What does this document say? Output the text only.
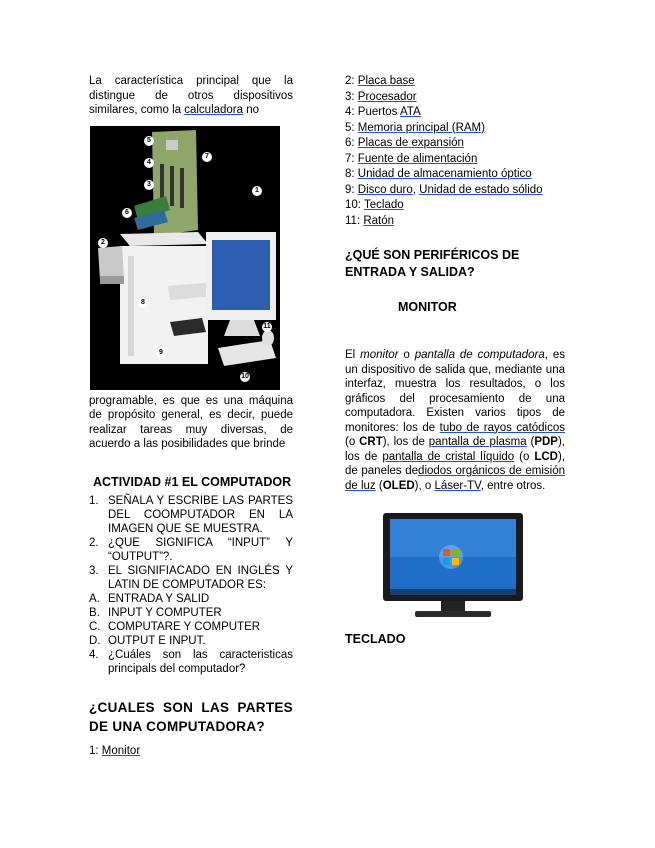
La característica principal que la distingue de otros dispositivos similares, como la calculadora no

1
2
3
4
5
6
7
8
9
10
11

programable, es que es una máquina de propósito general, es decir, puede realizar tareas muy diversas, de acuerdo a las posibilidades que brinde

ACTIVIDAD #1 EL COMPUTADOR
1. SEÑALA Y ESCRIBE LAS PARTES DEL COOMPUTADOR EN LA IMAGEN QUE SE MUESTRA.
2. ¿QUE SIGNIFICA “INPUT” Y “OUTPUT”?.
3. EL SIGNIFIACADO EN INGLÉS Y LATIN DE COMPUTADOR ES:
A. ENTRADA Y SALID
B. INPUT Y COMPUTER
C. COMPUTARE Y COMPUTER
D. OUTPUT E INPUT.
4. ¿Cuáles son las caracteristicas principals del computador?
¿CUALES SON LAS PARTES DE UNA COMPUTADORA?
1: Monitor
2: Placa base
3: Procesador
4: Puertos ATA
5: Memoria principal (RAM)
6: Placas de expansión
7: Fuente de alimentación
8: Unidad de almacenamiento óptico
9: Disco duro, Unidad de estado sólido
10: Teclado
11: Ratón
¿QUÉ SON PERIFÉRICOS DE ENTRADA Y SALIDA?
MONITOR

El monitor o pantalla de computadora, es un dispositivo de salida que, mediante una interfaz, muestra los resultados, o los gráficos del procesamiento de una computadora. Existen varios tipos de monitores: los de tubo de rayos catódicos (o CRT), los de pantalla de plasma (PDP), los de pantalla de cristal líquido (o LCD), de paneles dediodos orgánicos de emisión de luz (OLED), o Láser-TV, entre otros.

TECLADO
